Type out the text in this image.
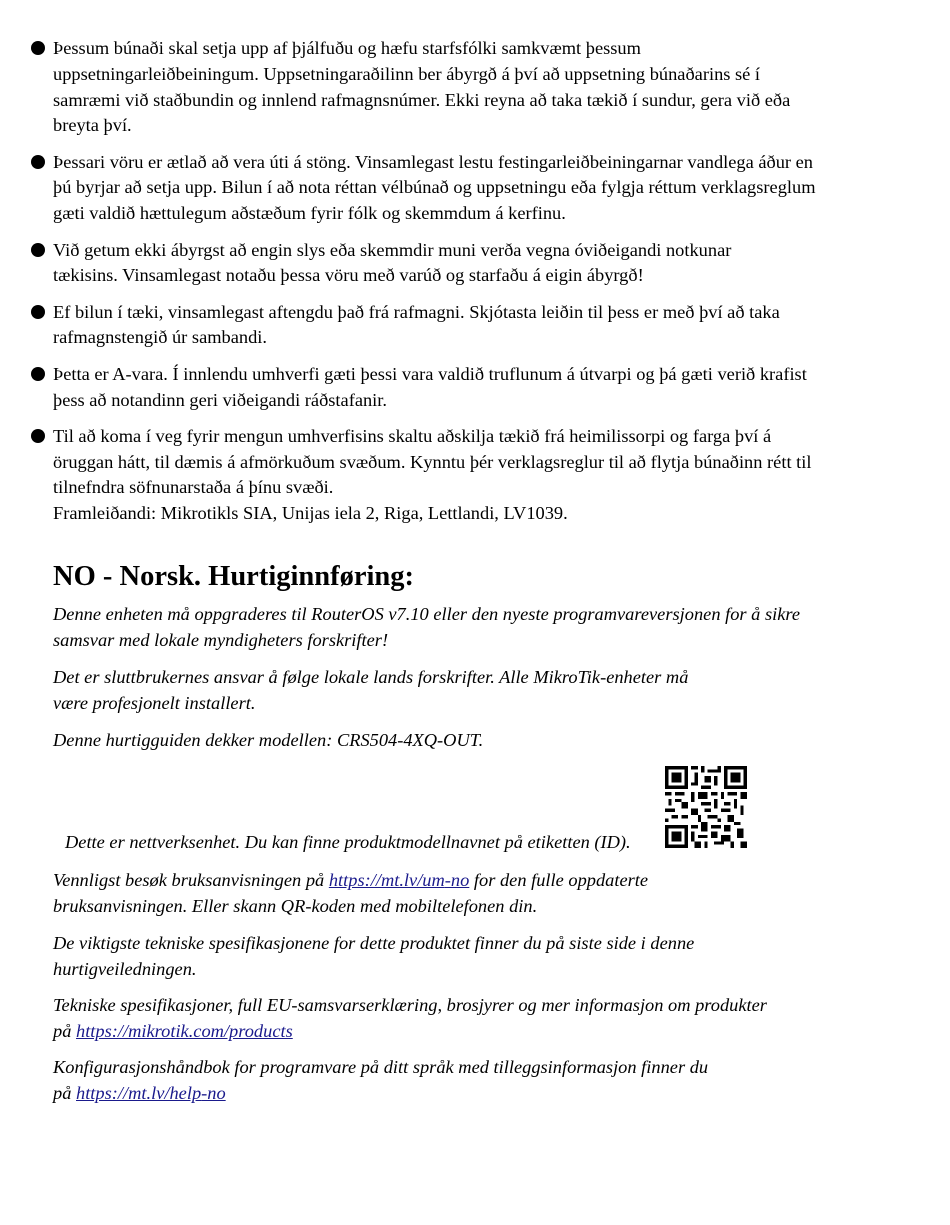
Þessum búnaði skal setja upp af þjálfuðu og hæfu starfsfólki samkvæmt þessum
uppsetningarleiðbeiningum. Uppsetningaraðilinn ber ábyrgð á því að uppsetning búnaðarins sé í
samræmi við staðbundin og innlend rafmagnsnúmer. Ekki reyna að taka tækið í sundur, gera við eða
breyta því.
Þessari vöru er ætlað að vera úti á stöng. Vinsamlegast lestu festingarleiðbeiningarnar vandlega áður en
þú byrjar að setja upp. Bilun í að nota réttan vélbúnað og uppsetningu eða fylgja réttum verklagsreglum
gæti valdið hættulegum aðstæðum fyrir fólk og skemmdum á kerfinu.
Við getum ekki ábyrgst að engin slys eða skemmdir muni verða vegna óviðeigandi notkunar
tækisins. Vinsamlegast notaðu þessa vöru með varúð og starfaðu á eigin ábyrgð!
Ef bilun í tæki, vinsamlegast aftengdu það frá rafmagni. Skjótasta leiðin til þess er með því að taka
rafmagnstengið úr sambandi.
Þetta er A-vara. Í innlendu umhverfi gæti þessi vara valdið truflunum á útvarpi og þá gæti verið krafist
þess að notandinn geri viðeigandi ráðstafanir.
Til að koma í veg fyrir mengun umhverfisins skaltu aðskilja tækið frá heimilissorpi og farga því á
öruggan hátt, til dæmis á afmörkuðum svæðum. Kynntu þér verklagsreglur til að flytja búnaðinn rétt til
tilnefndra söfnunarstaða á þínu svæði.
Framleiðandi: Mikrotikls SIA, Unijas iela 2, Riga, Lettlandi, LV1039.
NO - Norsk. Hurtiginnføring:
Denne enheten må oppgraderes til RouterOS v7.10 eller den nyeste programvareversjonen for å sikre
samsvar med lokale myndigheters forskrifter!
Det er sluttbrukernes ansvar å følge lokale lands forskrifter. Alle MikroTik-enheter må
være profesjonelt installert.
Denne hurtigguiden dekker modellen: CRS504-4XQ-OUT.
Dette er nettverksenhet. Du kan finne produktmodellnavnet på etiketten (ID).
Vennligst besøk bruksanvisningen på https://mt.lv/um-no for den fulle oppdaterte
bruksanvisningen. Eller skann QR-koden med mobiltelefonen din.
De viktigste tekniske spesifikasjonene for dette produktet finner du på siste side i denne
hurtigveiledningen.
Tekniske spesifikasjoner, full EU-samsvarserklæring, brosjyrer og mer informasjon om produkter
på https://mikrotik.com/products
Konfigurasjonshåndbok for programvare på ditt språk med tilleggsinformasjon finner du
på https://mt.lv/help-no
